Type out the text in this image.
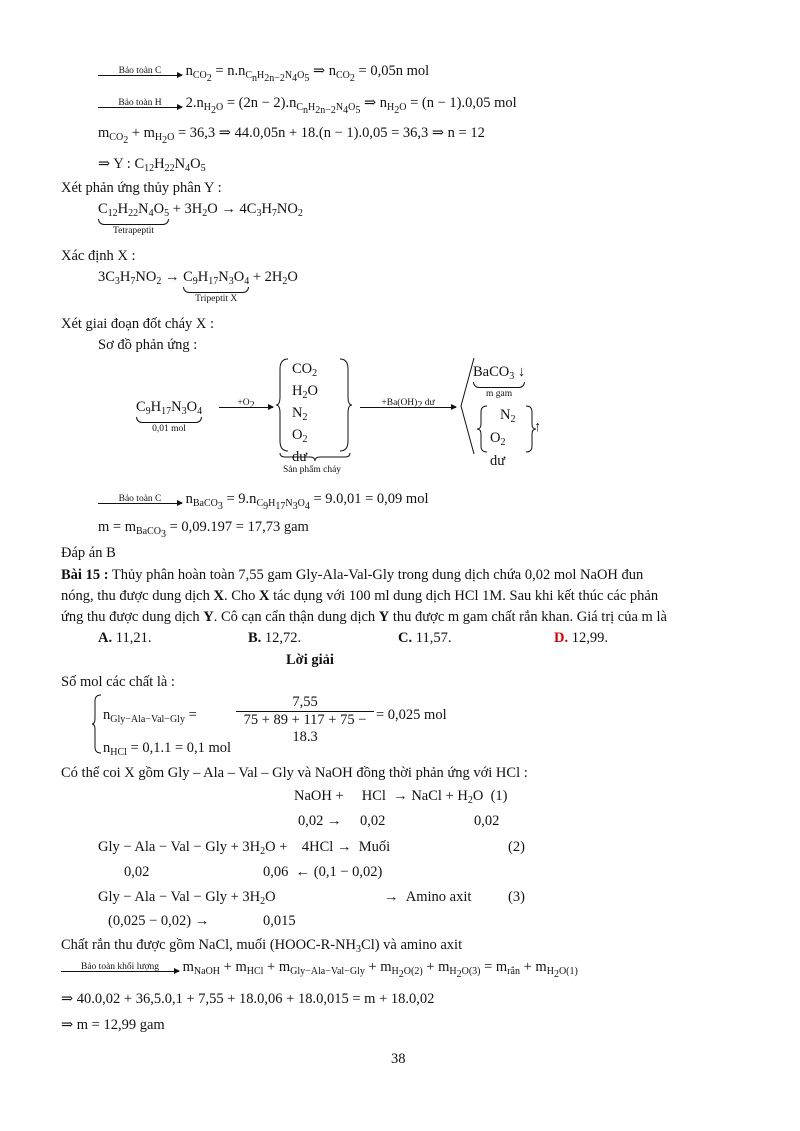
Bảo toàn C	$n_{CO_2} = n.n_{C_nH_{2n-2}N_4O_5}$ ⇒ $n_{CO_2} = 0,05n$ mol
Bảo toàn H	$2.n_{H_2O} = (2n - 2).n_{C_nH_{2n-2}N_4O_5}$ ⇒ $n_{H_2O} = (n - 1).0,05$ mol
$m_{CO_2} + m_{H_2O} = 36,3$ ⇒ 44.0,05n + 18.(n − 1).0,05 = 36,3 ⇒ n = 12
⇒ Y : $C_{12}H_{22}N_4O_5$
Xét phản ứng thủy phân Y :
$C_{12}H_{22}N_4O_5$
Tetrapeptit
+ $3H_2O \to 4C_3H_7NO_2$
Xác định X :
$3C_3H_7NO_2 \to C_9H_{17}N_3O_4$
Tripeptit X
+ $2H_2O$
Xét giai đoạn đốt cháy X :
Sơ đồ phản ứng :
$C_9H_{17}N_3O_4$
0,01 mol
$+O_2$
$CO_2$
$H_2O$
$N_2$
$O_2$ dư
Sản phẩm cháy
$+Ba(OH)_2$ dư
BaCO$_3$ ↓
m gam
$N_2$
$O_2$ dư
↑
Bảo toàn C	$n_{BaCO_3} = 9.n_{C_9H_{17}N_3O_4} = 9.0,01 = 0,09$ mol
$m = m_{BaCO_3} = 0,09.197 = 17,73$ gam
Đáp án B
Bài 15 : Thủy phân hoàn toàn 7,55 gam Gly-Ala-Val-Gly trong dung dịch chứa 0,02 mol NaOH đun
nóng, thu được dung dịch X. Cho X tác dụng với 100 ml dung dịch HCl 1M. Sau khi kết thúc các phản
ứng thu được dung dịch Y. Cô cạn cẩn thận dung dịch Y thu được m gam chất rắn khan. Giá trị của m là
A. 11,21.	B. 12,72.	C. 11,57.	D. 12,99.
Lời giải
Số mol các chất là :
$n_{Gly-Ala-Val-Gly}$ =	$\frac{7,55}{75 + 89 + 117 + 75 - 18.3} = 0,025$ mol
$n_{HCl} = 0,1.1 = 0,1$ mol
Có thể coi X gồm Gly – Ala – Val – Gly và NaOH đồng thời phản ứng với HCl :
NaOH +     HCl  → NaCl + $H_2O$  (1)
0,02 → 0,02	0,02
Gly − Ala − Val − Gly + $3H_2O$ +    4HCl →  Muối	(2)
0,02	0,06  ← (0,1 − 0,02)
Gly − Ala − Val − Gly + $3H_2O$	→  Amino axit	(3)
(0,025 − 0,02) →	0,015
Chất rắn thu được gồm NaCl, muối $(HOOC-R-NH_3Cl)$ và amino axit
Bảo toàn khối lượng	$m_{NaOH} + m_{HCl} + m_{Gly-Ala-Val-Gly} + m_{H_2O(2)} + m_{H_2O(3)} = m_{rắn} + m_{H_2O(1)}$
⇒ 40.0,02 + 36,5.0,1 + 7,55 + 18.0,06 + 18.0,015 = m + 18.0,02
⇒ m = 12,99 gam
38
